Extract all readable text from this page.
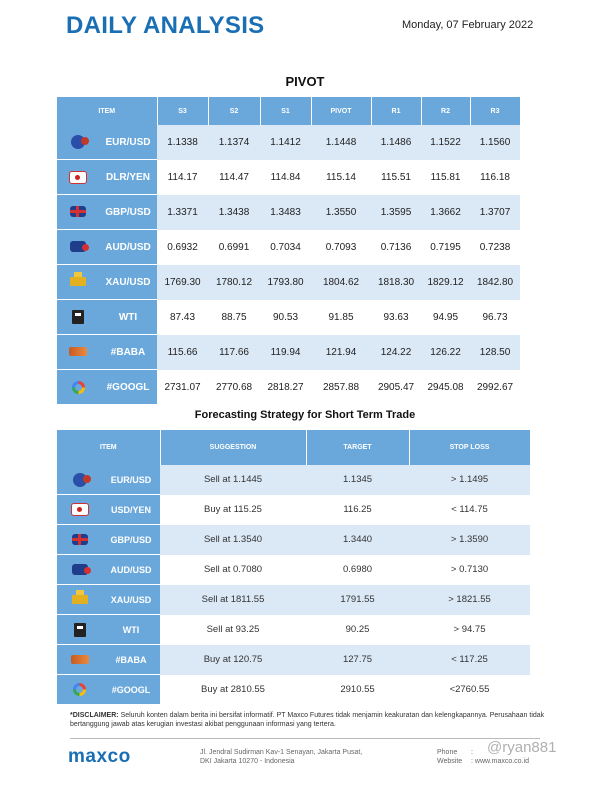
DAILY ANALYSIS	Monday, 07 February 2022
PIVOT
ITEM		S3	S2	S1	PIVOT	R1	R2	R3
	EUR/USD	1.1338	1.1374	1.1412	1.1448	1.1486	1.1522	1.1560
	DLR/YEN	114.17	114.47	114.84	115.14	115.51	115.81	116.18
	GBP/USD	1.3371	1.3438	1.3483	1.3550	1.3595	1.3662	1.3707
	AUD/USD	0.6932	0.6991	0.7034	0.7093	0.7136	0.7195	0.7238
	XAU/USD	1769.30	1780.12	1793.80	1804.62	1818.30	1829.12	1842.80
	WTI	87.43	88.75	90.53	91.85	93.63	94.95	96.73
	#BABA	115.66	117.66	119.94	121.94	124.22	126.22	128.50
	#GOOGL	2731.07	2770.68	2818.27	2857.88	2905.47	2945.08	2992.67
Forecasting Strategy for Short Term Trade
ITEM		SUGGESTION	TARGET	STOP LOSS
	EUR/USD	Sell at 1.1445	1.1345	> 1.1495
	USD/YEN	Buy at 115.25	116.25	< 114.75
	GBP/USD	Sell at 1.3540	1.3440	> 1.3590
	AUD/USD	Sell at 0.7080	0.6980	> 0.7130
	XAU/USD	Sell at 1811.55	1791.55	> 1821.55
	WTI	Sell at 93.25	90.25	> 94.75
	#BABA	Buy at 120.75	127.75	< 117.25
	#GOOGL	Buy at 2810.55	2910.55	<2760.55
*DISCLAIMER: Seluruh konten dalam berita ini bersifat informatif. PT Maxco Futures tidak menjamin keakuratan dan kelengkapannya. Perusahaan tidak bertanggung jawab atas kerugian investasi akibat penggunaan informasi yang tertera.
maxco	Jl. Jendral Sudirman Kav-1 Senayan, Jakarta Pusat,
DKI Jakarta 10270 - Indonesia
Phone :
Website : www.maxco.co.id
@ryan881
